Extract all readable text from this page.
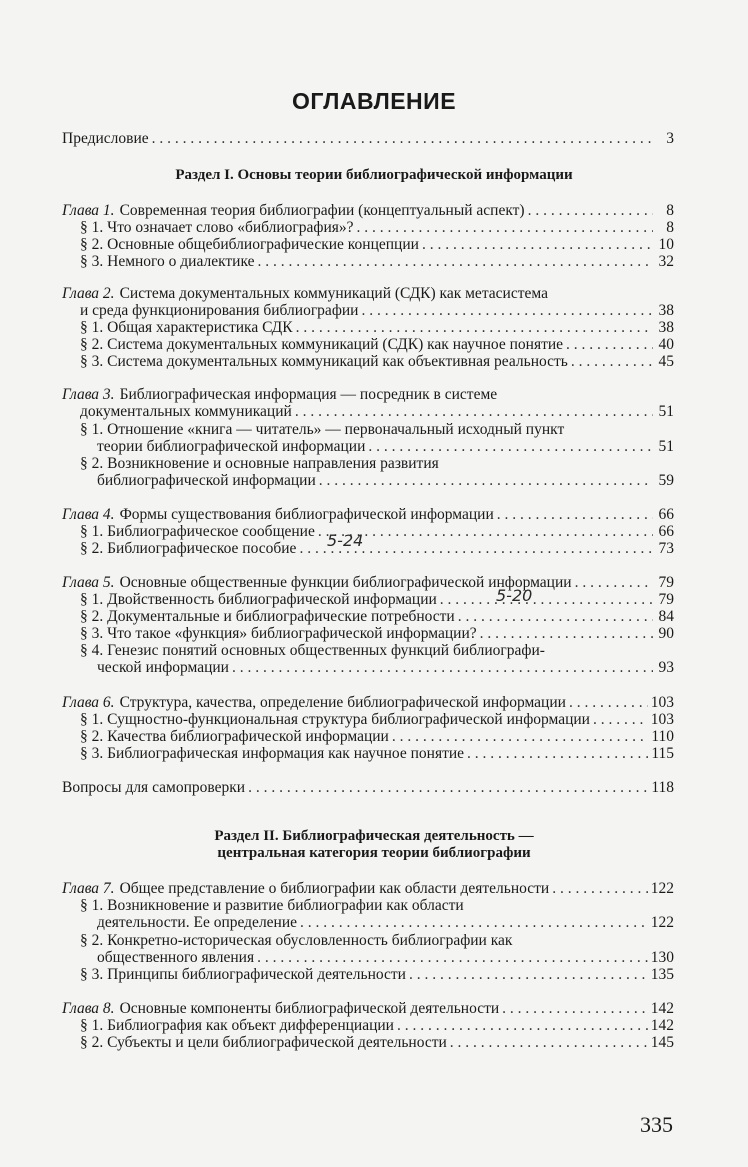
ОГЛАВЛЕНИЕ
Предисловие . . .	3
Раздел I. Основы теории библиографической информации
Глава 1. Современная теория библиографии (концептуальный аспект) . . .	8
§ 1. Что означает слово «библиография»? . . .	8
§ 2. Основные общебиблиографические концепции . . .	10
§ 3. Немного о диалектике . . .	32
Глава 2. Система документальных коммуникаций (СДК) как метасистема
и среда функционирования библиографии . . .	38
§ 1. Общая характеристика СДК . . .	38
§ 2. Система документальных коммуникаций (СДК) как научное понятие . . .	40
§ 3. Система документальных коммуникаций как объективная реальность . . .	45
Глава 3. Библиографическая информация — посредник в системе
документальных коммуникаций . . .	51
§ 1. Отношение «книга — читатель» — первоначальный исходный пункт
теории библиографической информации . . .	51
§ 2. Возникновение и основные направления развития
библиографической информации . . .	59
Глава 4. Формы существования библиографической информации . . .	66
§ 1. Библиографическое сообщение . . .	66
§ 2. Библиографическое пособие . . .	73
5-24
Глава 5. Основные общественные функции библиографической информации . . .	79
§ 1. Двойственность библиографической информации . . .	79
5-20
§ 2. Документальные и библиографические потребности . . .	84
§ 3. Что такое «функция» библиографической информации? . . .	90
§ 4. Генезис понятий основных общественных функций библиографи-
ческой информации . . .	93
Глава 6. Структура, качества, определение библиографической информации . . .	103
§ 1. Сущностно-функциональная структура библиографической информации . . .	103
§ 2. Качества библиографической информации . . .	110
§ 3. Библиографическая информация как научное понятие . . .	115
Вопросы для самопроверки . . .	118
Раздел II. Библиографическая деятельность —
центральная категория теории библиографии
Глава 7. Общее представление о библиографии как области деятельности . . .	122
§ 1. Возникновение и развитие библиографии как области
деятельности. Ее определение . . .	122
§ 2. Конкретно-историческая обусловленность библиографии как
общественного явления . . .	130
§ 3. Принципы библиографической деятельности . . .	135
Глава 8. Основные компоненты библиографической деятельности . . .	142
§ 1. Библиография как объект дифференциации . . .	142
§ 2. Субъекты и цели библиографической деятельности . . .	145
335
